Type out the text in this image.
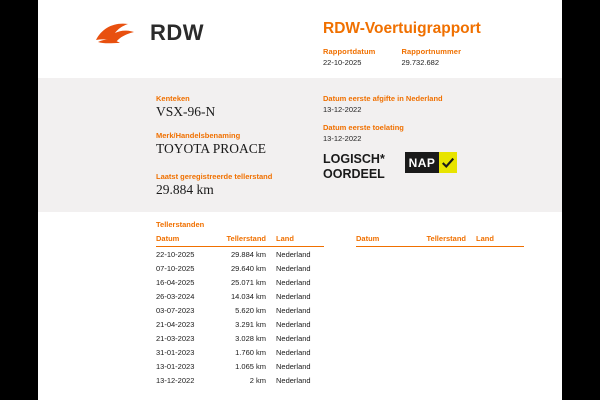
RDW	RDW-Voertuigrapport
Rapportdatum
22-10-2025
Rapportnummer
29.732.682
Kenteken
VSX-96-N
Merk/Handelsbenaming
TOYOTA PROACE
Laatst geregistreerde tellerstand
29.884 km
Datum eerste afgifte in Nederland
13-12-2022
Datum eerste toelating
13-12-2022
LOGISCH*
OORDEEL
NAP
Tellerstanden
Datum	Tellerstand	Land
22-10-2025	29.884 km	Nederland
07-10-2025	29.640 km	Nederland
16-04-2025	25.071 km	Nederland
26-03-2024	14.034 km	Nederland
03-07-2023	5.620 km	Nederland
21-04-2023	3.291 km	Nederland
21-03-2023	3.028 km	Nederland
31-01-2023	1.760 km	Nederland
13-01-2023	1.065 km	Nederland
13-12-2022	2 km	Nederland
Datum	Tellerstand	Land
